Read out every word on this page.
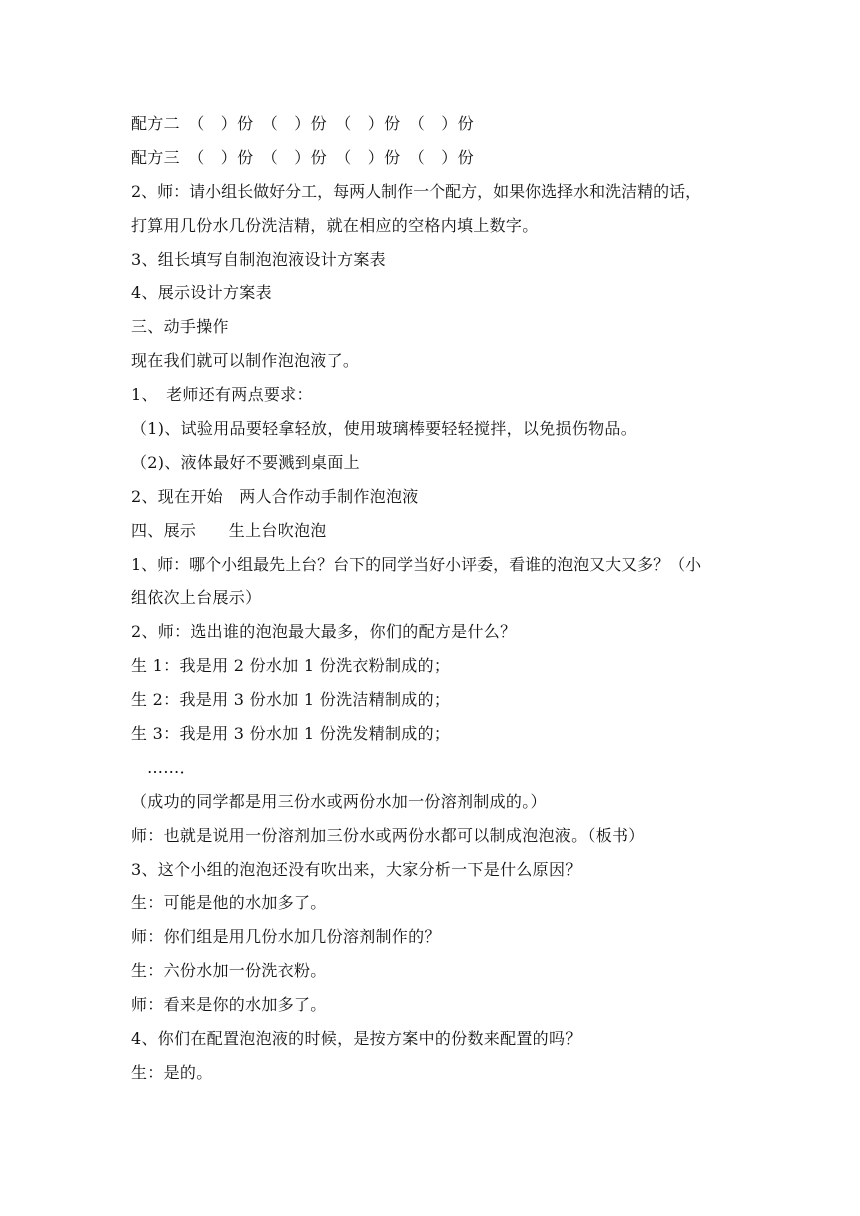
配方二　（　）份　（　）份　（　）份　（　）份
配方三　（　）份　（　）份　（　）份　（　）份
2、师：请小组长做好分工，每两人制作一个配方，如果你选择水和洗洁精的话，
打算用几份水几份洗洁精，就在相应的空格内填上数字。
3、组长填写自制泡泡液设计方案表
4、展示设计方案表
三、动手操作
现在我们就可以制作泡泡液了。
1、　老师还有两点要求：
（1)、试验用品要轻拿轻放，使用玻璃棒要轻轻搅拌，以免损伤物品。
（2)、液体最好不要溅到桌面上
2、现在开始　两人合作动手制作泡泡液
四、展示　　生上台吹泡泡
1、师：哪个小组最先上台？台下的同学当好小评委，看谁的泡泡又大又多？（小
组依次上台展示）
2、师：选出谁的泡泡最大最多，你们的配方是什么？
生 1：我是用 2 份水加 1 份洗衣粉制成的；
生 2：我是用 3 份水加 1 份洗洁精制成的；
生 3：我是用 3 份水加 1 份洗发精制成的；
……．
（成功的同学都是用三份水或两份水加一份溶剂制成的。）
师：也就是说用一份溶剂加三份水或两份水都可以制成泡泡液。（板书）
3、这个小组的泡泡还没有吹出来，大家分析一下是什么原因？
生：可能是他的水加多了。
师：你们组是用几份水加几份溶剂制作的？
生：六份水加一份洗衣粉。
师：看来是你的水加多了。
4、你们在配置泡泡液的时候，是按方案中的份数来配置的吗？
生：是的。
